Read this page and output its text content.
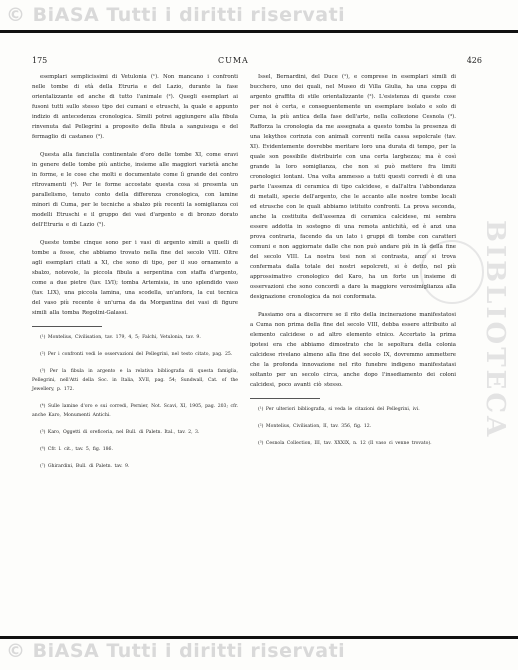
© BiASA Tutti i diritti riservati
BIBLIOTECA
175	CUMA	426

esemplari semplicissimi di Vetulonia (¹). Non mancano i confronti nelle tombe di età della Etruria e del Lazio, durante la fase orientalizzante ed anche di tutto l'animale (²). Quegli esemplari ai fusoni tutti sullo stesso tipo dei cumani e etruschi, la quale e appunto indizio di antecedenza cronologica. Simili potrei aggiungere alla fibula rinvenuta dal Pellegrini a proposito della fibula a sanguisuga e del fermaglio di castaneo (³).

Questa alla fanciulla continentale d'oro delle tombe XI, come eravi in genere delle tombe più antiche, insieme alle maggiori varietà anche in forme, e le cose che molti e documentate come lì grande dei contro ritrovamenti (⁴). Per le forme accostate questa cosa si presenta un parallelismo, tenuto conto della differenza cronologica, con lamine minori di Cuma, per le tecniche a sbalzo più recenti la somiglianza coi modelli Etruschi e il gruppo dei vasi d'argento e di bronzo dorato dell'Etruria e di Lazio (⁵).

Queste tombe cinque sono per i vasi di argento simili a quelli di tombe a fosse, che abbiamo trovato nella fine del secolo VIII. Oltre agli esemplari citati a XI, che sono di tipo, per il suo ornamento a sbalzo, notevole, la piccola fibula a serpentina con staffa d'argento, come a due pietre (tav. LVI); tomba Artemisia, in uno splendido vaso (tav. LIX), una piccola lamina, una scodella, un'anfora, la cui tecnica del vaso più recente è un'urna da da Morgantina dei vasi di figure simili alla tomba Regolini-Galassi.

(¹) Montelius, Civilisation, tav. 179, 4, 5; Falchi, Vetulonia, tav. 9.

(²) Per i confronti vedi le osservazioni del Pellegrini, nel testo citato, pag. 25.

(³) Per la fibula in argento e la relativa bibliografia di questa famiglia, Pellegrini, nell'Atti della Soc. in Italia, XVII, pag. 54; Sundwall, Cat. of the Jewellery, p. 172.

(⁴) Sulle lamine d'oro e sui corredi, Pernier, Not. Scavi, XI, 1905, pag. 203; cfr. anche Karo, Monumenti Antichi.

(⁵) Karo, Oggetti di oreficeria, nel Bull. di Paletn. Ital., tav. 2, 3.

(⁶) Cfr. l. cit., tav. 5, fig. 186.

(⁷) Ghirardini, Bull. di Paletn. tav. 9.

Issel, Bernardini, del Duce (¹), e comprese in esemplari simili di bucchero, uno dei quali, nel Museo di Villa Giulia, ha una coppa di argento graffita di stile orientalizzante (²). L'esistenza di queste cose per noi è certa, e conseguentemente un esemplare isolato e solo di Cuma, la più antica della fase dell'arte, nella collezione Cesnola (³). Rafforza la cronologia da me assegnata a questo tomba la presenza di una lekythos corinzia con animali correnti nella cassa sepolcrale (tav. XI). Evidentemente dovrebbe meritare loro una durata di tempo, per la quale son possibile distribuirle con una certa larghezza; ma è così grande la loro somiglianza, che non si può mettere fra limiti cronologici lontani. Una volta ammesso a tutti questi corredi è di una parte l'assenza di ceramica di tipo calcidese, e dall'altra l'abbondanza di metalli, specie dell'argento, che le accanto alle nostre tombe locali ed etrusche con le quali abbiamo istituito confronti. La prova seconda, anche la costituita dell'assenza di ceramica calcidese, mi sembra essere addotta in sostegno di una remota antichità, ed è anzi una prova contraria, facendo da un lato i gruppi di tombe con caratteri comuni e non aggiornate dalle che non può andare più in là della fine del secolo VIII. La nostra tesi non si contrasta, anzi si trova confermata dalla totale dei nostri sepolcreti, si è detto, nel più approssimativo cronologico del Karo, ha un forte un insieme di osservazioni che sono concordi a dare la maggiore verosimiglianza alla designazione cronologica da noi conformata.

Passiamo ora a discorrere se il rito della incinerazione manifestatosi a Cuma non prima della fine del secolo VIII, debba essere attribuito al elemento calcidese o ad altro elemento etnico. Accertato la prima ipotesi era che abbiamo dimostrato che le sepoltura della colonia calcidese rivelano almeno alla fine del secolo IX, dovremmo ammettere che la profonda innovazione nel rito funebre indigeno manifestatasi soltanto per un secolo circa, anche dopo l'insediamento dei coloni calcidesi, poco avanti ciò stesso.

(¹) Per ulteriori bibliografia, si veda le citazioni del Pellegrini, ivi.

(²) Montelius, Civilisation, II, tav. 356, fig. 12.

(³) Cesnola Collection, III, tav. XXXIX, n. 12 (Il vaso ci venne trovato).

© BiASA Tutti i diritti riservati
